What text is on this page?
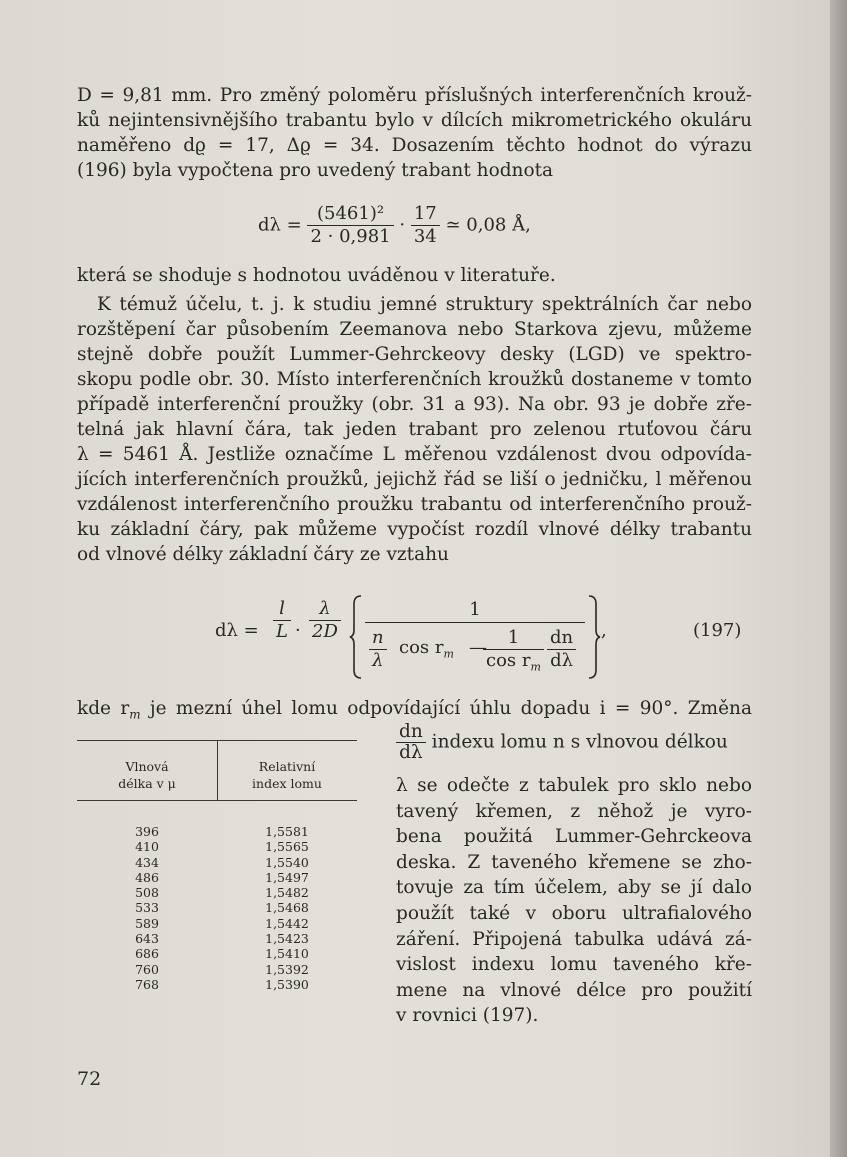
D = 9,81 mm. Pro změný poloměru příslušných interferenčních krouž-
ků nejintensivnějšího trabantu bylo v dílcích mikrometrického okuláru
naměřeno dϱ = 17, Δϱ = 34. Dosazením těchto hodnot do výrazu
(196) byla vypočtena pro uvedený trabant hodnota
$d\lambda = \frac{\text{(5461)²}}{2 \cdot 0,981} \cdot \frac{17}{34}$ ≃ 0,08 Å,
která se shoduje s hodnotou uváděnou v literatuře.
K témuž účelu, t. j. k studiu jemné struktury spektrálních čar nebo
rozštěpení čar působením Zeemanova nebo Starkova zjevu, můžeme
stejně dobře použít Lummer-Gehrckeovy desky (LGD) ve spektro-
skopu podle obr. 30. Místo interferenčních kroužků dostaneme v tomto
případě interferenční proužky (obr. 31 a 93). Na obr. 93 je dobře zře-
telná jak hlavní čára, tak jeden trabant pro zelenou rtuťovou čáru
λ = 5461 Å. Jestliže označíme L měřenou vzdálenost dvou odpovída-
jících interferenčních proužků, jejichž řád se liší o jedničku, l měřenou
vzdálenost interferenčního proužku trabantu od interferenčního prouž-
ku základní čáry, pak můžeme vypočíst rozdíl vlnové délky trabantu
od vlnové délky základní čáry ze vztahu
$d\lambda = \frac{l}{L} \cdot \frac{\lambda}{2D}$	1
$\frac{n}{\lambda}$ $\cos r_m$ —
$\frac{1}{\cos r_m} \frac{dn}{d\lambda}$ ,	(197)
kde $r_m$ je mezní úhel lomu odpovídající úhlu dopadu i = 90°. Změna
$\frac{dn}{d\lambda}$ indexu lomu n s vlnovou délkou
λ se odečte z tabulek pro sklo nebo
tavený křemen, z něhož je vyro-
bena použitá Lummer-Gehrckeova
deska. Z taveného křemene se zho-
tovuje za tím účelem, aby se jí dalo
použít také v oboru ultrafialového
záření. Připojená tabulka udává zá-
vislost indexu lomu taveného kře-
mene na vlnové délce pro použití
v rovnici (197).
Vlnová
délka v μ
Relativní
index lomu
396
410
434
486
508
533
589
643
686
760
768
1,5581
1,5565
1,5540
1,5497
1,5482
1,5468
1,5442
1,5423
1,5410
1,5392
1,5390
72
